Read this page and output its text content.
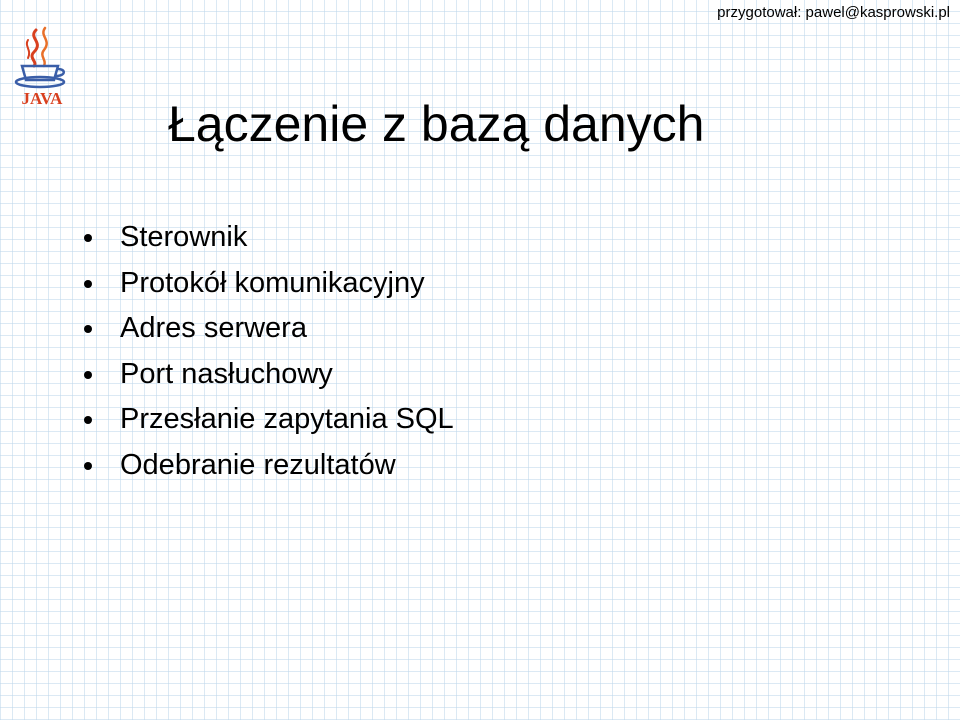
przygotował: pawel@kasprowski.pl
JAVA Łączenie z bazą danych
Sterownik
Protokół komunikacyjny
Adres serwera
Port nasłuchowy
Przesłanie zapytania SQL
Odebranie rezultatów
